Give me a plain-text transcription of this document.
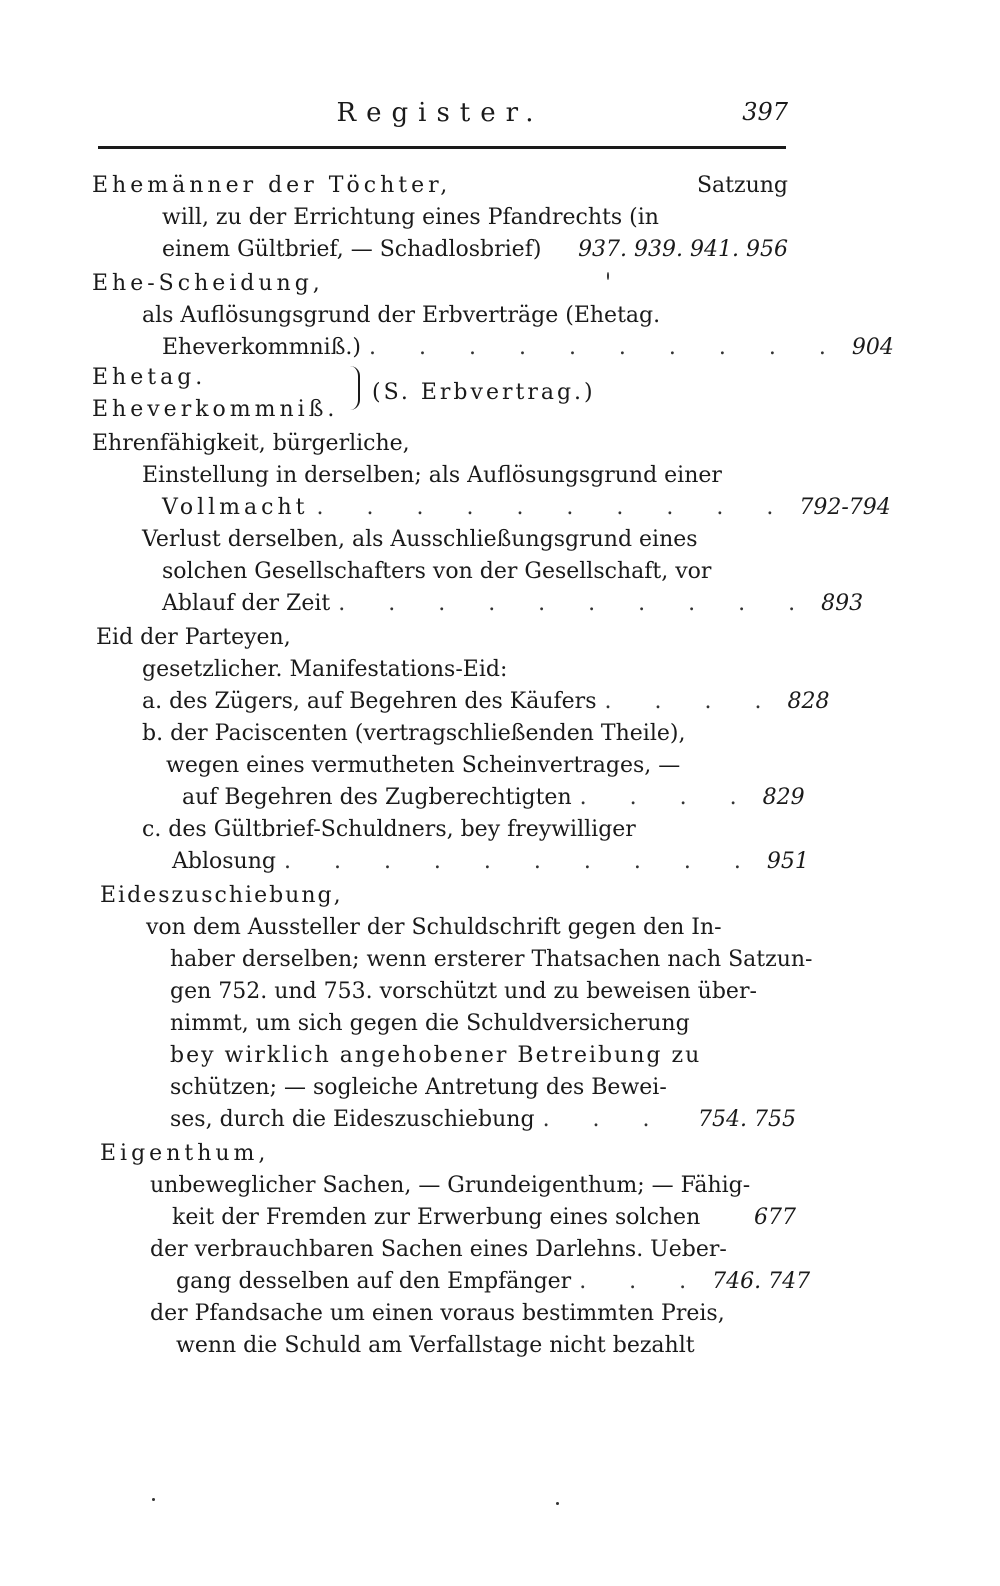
Register.	397
Ehemänner der Töchter,	Satzung
will, zu der Errichtung eines Pfandrechts (in
einem Gültbrief, — Schadlosbrief) 937. 939. 941. 956
Ehe-Scheidung,
als Auflösungsgrund der Erbverträge (Ehetag.
Eheverkommniß.) . . . . . . . . . . 904
Ehetag.
Eheverkommniß.
(S. Erbvertrag.)
Ehrenfähigkeit, bürgerliche,
Einstellung in derselben; als Auflösungsgrund einer
Vollmacht . . . . . . . . . . 792-794
Verlust derselben, als Ausschließungsgrund eines
solchen Gesellschafters von der Gesellschaft, vor
Ablauf der Zeit . . . . . . . . . . 893
Eid der Parteyen,
gesetzlicher. Manifestations-Eid:
a. des Zügers, auf Begehren des Käufers . . . . 828
b. der Paciscenten (vertragschließenden Theile),
wegen eines vermutheten Scheinvertrages, —
auf Begehren des Zugberechtigten . . . . 829
c. des Gültbrief-Schuldners, bey freywilliger
Ablosung . . . . . . . . . . 951
Eideszuschiebung,
von dem Aussteller der Schuldschrift gegen den In-
haber derselben; wenn ersterer Thatsachen nach Satzun-
gen 752. und 753. vorschützt und zu beweisen über-
nimmt, um sich gegen die Schuldversicherung
bey wirklich angehobener Betreibung zu
schützen; — sogleiche Antretung des Bewei-
ses, durch die Eideszuschiebung . . .	754. 755
Eigenthum,
unbeweglicher Sachen, — Grundeigenthum; — Fähig-
keit der Fremden zur Erwerbung eines solchen 677
der verbrauchbaren Sachen eines Darlehns. Ueber-
gang desselben auf den Empfänger . . . 746. 747
der Pfandsache um einen voraus bestimmten Preis,
wenn die Schuld am Verfallstage nicht bezahlt
